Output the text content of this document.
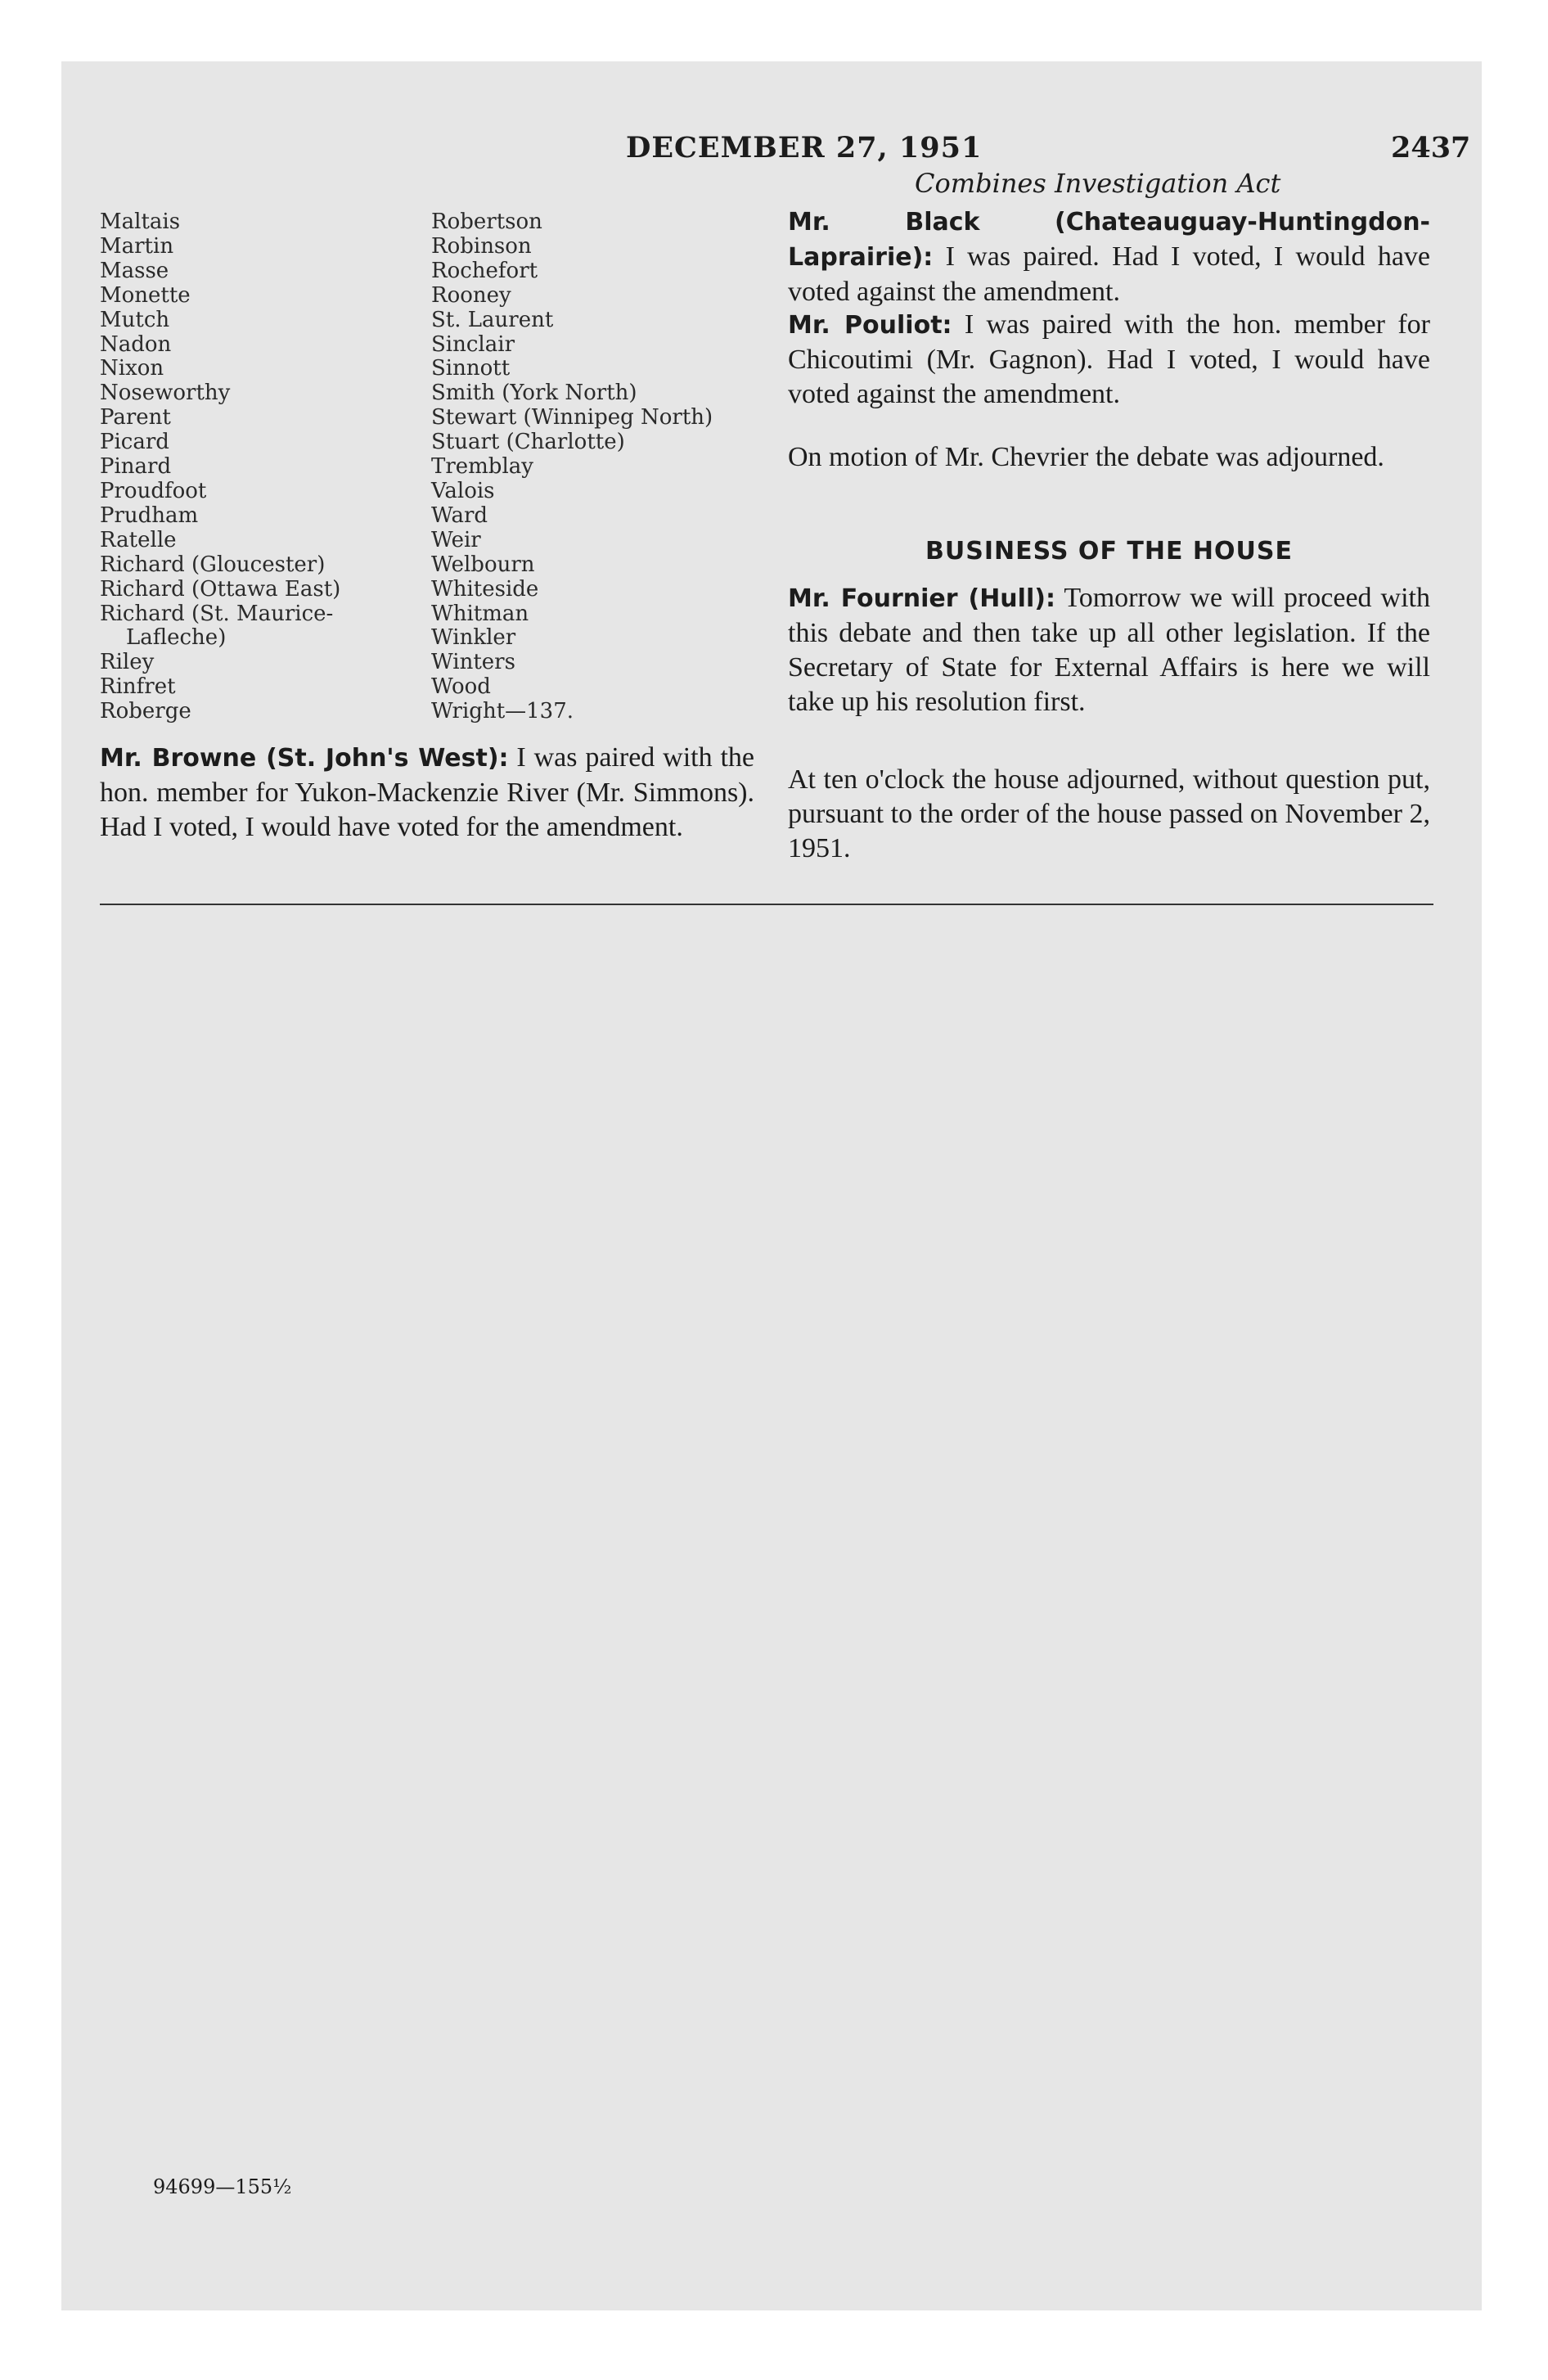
DECEMBER 27, 1951	2437
Combines Investigation Act
Maltais
Martin
Masse
Monette
Mutch
Nadon
Nixon
Noseworthy
Parent
Picard
Pinard
Proudfoot
Prudham
Ratelle
Richard (Gloucester)
Richard (Ottawa East)
Richard (St. Maurice-
Lafleche)
Riley
Rinfret
Roberge
Robertson
Robinson
Rochefort
Rooney
St. Laurent
Sinclair
Sinnott
Smith (York North)
Stewart (Winnipeg North)
Stuart (Charlotte)
Tremblay
Valois
Ward
Weir
Welbourn
Whiteside
Whitman
Winkler
Winters
Wood
Wright—137.

Mr. Browne (St. John's West): I was paired with the hon. member for Yukon-Mackenzie River (Mr. Simmons). Had I voted, I would have voted for the amendment.

Mr. Black (Chateauguay-Huntingdon-Laprairie): I was paired. Had I voted, I would have voted against the amendment.

Mr. Pouliot: I was paired with the hon. member for Chicoutimi (Mr. Gagnon). Had I voted, I would have voted against the amendment.

On motion of Mr. Chevrier the debate was adjourned.

BUSINESS OF THE HOUSE

Mr. Fournier (Hull): Tomorrow we will proceed with this debate and then take up all other legislation. If the Secretary of State for External Affairs is here we will take up his resolution first.

At ten o'clock the house adjourned, without question put, pursuant to the order of the house passed on November 2, 1951.

94699—155½
